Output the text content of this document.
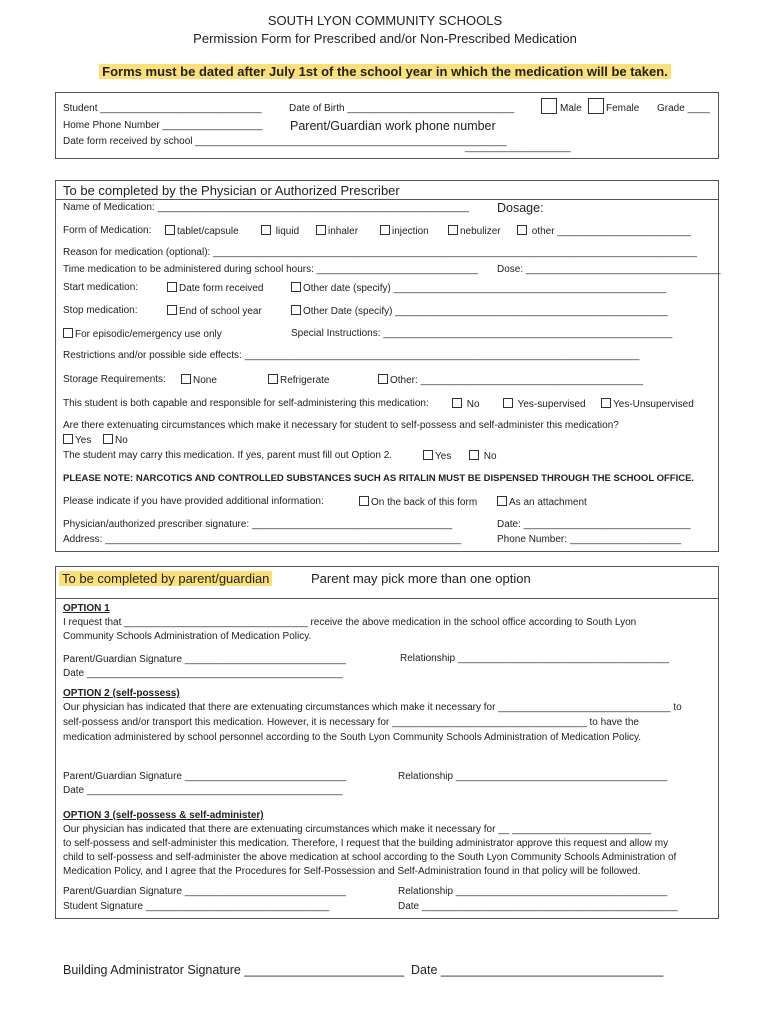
SOUTH LYON COMMUNITY SCHOOLS
Permission Form for Prescribed and/or Non-Prescribed Medication
Forms must be dated after July 1st of the school year in which the medication will be taken.
Student _____________________________	Date of Birth ______________________________	Male Female Grade ____
Home Phone Number __________________ Parent/Guardian work phone number
Date form received by school ________________________________________________________
___________________
To be completed by the Physician or Authorized Prescriber
Name of Medication: ________________________________________________________ Dosage:
Form of Medication:	tablet/capsule	liquid	inhaler	injection	nebulizer	other ________________________
Reason for medication (optional): _______________________________________________________________________________________
Time medication to be administered during school hours: _____________________________ Dose: ___________________________________
Start medication:	Date form received	Other date (specify) _________________________________________________
Stop medication:	End of school year	Other Date (specify) _________________________________________________
For episodic/emergency use only	Special Instructions: ____________________________________________________
Restrictions and/or possible side effects: _______________________________________________________________________
Storage Requirements:	None	Refrigerate	Other: ________________________________________
This student is both capable and responsible for self-administering this medication:	No	Yes-supervised	Yes-Unsupervised
Are there extenuating circumstances which make it necessary for student to self-possess and self-administer this medication?
Yes	No
The student may carry this medication. If yes, parent must fill out Option 2.	Yes	No
PLEASE NOTE: NARCOTICS AND CONTROLLED SUBSTANCES SUCH AS RITALIN MUST BE DISPENSED THROUGH THE SCHOOL OFFICE.
Please indicate if you have provided additional information:	On the back of this form	As an attachment
Physician/authorized prescriber signature: ____________________________________	Date: ______________________________
Address: ________________________________________________________________	Phone Number: ____________________
To be completed by parent/guardian	Parent may pick more than one option
OPTION 1
I request that _________________________________ receive the above medication in the school office according to South Lyon
Community Schools Administration of Medication Policy.
Parent/Guardian Signature _____________________________	Relationship ______________________________________
Date ______________________________________________
OPTION 2 (self-possess)
Our physician has indicated that there are extenuating circumstances which make it necessary for _______________________________ to
self-possess and/or transport this medication. However, it is necessary for ___________________________________ to have the
medication administered by school personnel according to the South Lyon Community Schools Administration of Medication Policy.
Parent/Guardian Signature _____________________________	Relationship ______________________________________
Date ______________________________________________
OPTION 3 (self-possess & self-administer)
Our physician has indicated that there are extenuating circumstances which make it necessary for __ _________________________
to self-possess and self-administer this medication. Therefore, I request that the building administrator approve this request and allow my
child to self-possess and self-administer the above medication at school according to the South Lyon Community Schools Administration of
Medication Policy, and I agree that the Procedures for Self-Possession and Self-Administration found in that policy will be followed.
Parent/Guardian Signature _____________________________	Relationship ______________________________________
Student Signature _________________________________	Date ______________________________________________
Building Administrator Signature _______________________ Date ________________________________
